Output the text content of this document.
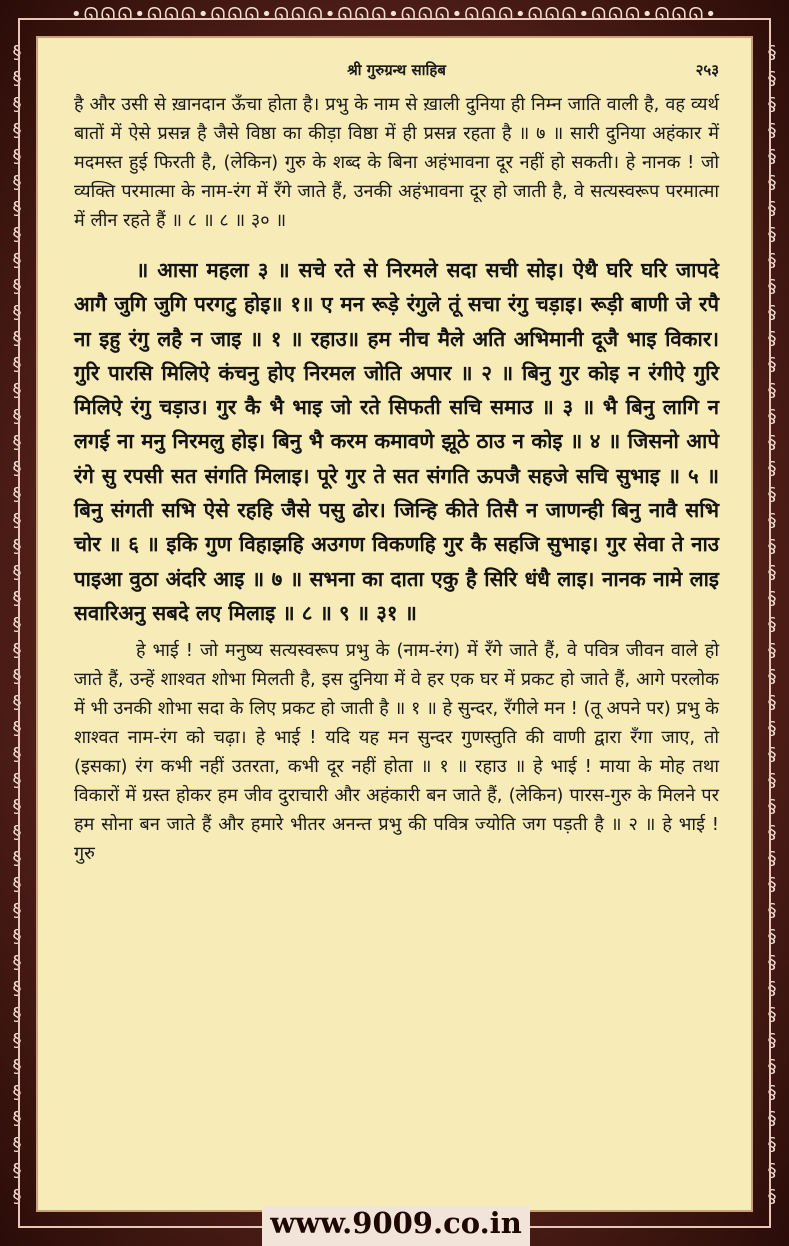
•ᘏᘏᘏ•ᘏᘏᘏ•ᘏᘏᘏ•ᘏᘏᘏ•ᘏᘏᘏ•ᘏᘏᘏ•ᘏᘏᘏ•ᘏᘏᘏ•ᘏᘏᘏ•ᘏᘏᘏ•
§
§
§
§
§
§
§
§
§
§
§
§
§
§
§
§
§
§
§
§
§
§
§
§
§
§
§
§
§
§
§
§
§
§
§
§
§
§
§
§
§
§
§
§
§
§
§
§
§
§
§
§
§
§
§
§
§
§
§
§
§
§
§
§
§
§
§
§
§
§
§
§
§
§
§
§
§
§
§
§
§
§
§
§
§
§
§
§
§
§
श्री गुरुग्रन्थ साहिब	२५३
है और उसी से ख़ानदान ऊँचा होता है। प्रभु के नाम से ख़ाली दुनिया ही निम्न जाति वाली है, वह व्यर्थ बातों में ऐसे प्रसन्न है जैसे विष्ठा का कीड़ा विष्ठा में ही प्रसन्न रहता है ॥ ७ ॥ सारी दुनिया अहंकार में मदमस्त हुई फिरती है, (लेकिन) गुरु के शब्द के बिना अहंभावना दूर नहीं हो सकती। हे नानक ! जो व्यक्ति परमात्मा के नाम-रंग में रँगे जाते हैं, उनकी अहंभावना दूर हो जाती है, वे सत्यस्वरूप परमात्मा में लीन रहते हैं ॥ ८ ॥ ८ ॥ ३० ॥
॥ आसा महला ३ ॥ सचे रते से निरमले सदा सची सोइ। ऐथै घरि घरि जापदे आगै जुगि जुगि परगटु होइ॥ १॥ ए मन रूड़े रंगुले तूं सचा रंगु चड़ाइ। रूड़ी बाणी जे रपै ना इहु रंगु लहै न जाइ ॥ १ ॥ रहाउ॥ हम नीच मैले अति अभिमानी दूजै भाइ विकार। गुरि पारसि मिलिऐ कंचनु होए निरमल जोति अपार ॥ २ ॥ बिनु गुर कोइ न रंगीऐ गुरि मिलिऐ रंगु चड़ाउ। गुर कै भै भाइ जो रते सिफती सचि समाउ ॥ ३ ॥ भै बिनु लागि न लगई ना मनु निरमलु होइ। बिनु भै करम कमावणे झूठे ठाउ न कोइ ॥ ४ ॥ जिसनो आपे रंगे सु रपसी सत संगति मिलाइ। पूरे गुर ते सत संगति ऊपजै सहजे सचि सुभाइ ॥ ५ ॥ बिनु संगती सभि ऐसे रहहि जैसे पसु ढोर। जिन्हि कीते तिसै न जाणन्ही बिनु नावै सभि चोर ॥ ६ ॥ इकि गुण विहाझहि अउगण विकणहि गुर कै सहजि सुभाइ। गुर सेवा ते नाउ पाइआ वुठा अंदरि आइ ॥ ७ ॥ सभना का दाता एकु है सिरि धंधै लाइ। नानक नामे लाइ सवारिअनु सबदे लए मिलाइ ॥ ८ ॥ ९ ॥ ३१ ॥
हे भाई ! जो मनुष्य सत्यस्वरूप प्रभु के (नाम-रंग) में रँगे जाते हैं, वे पवित्र जीवन वाले हो जाते हैं, उन्हें शाश्वत शोभा मिलती है, इस दुनिया में वे हर एक घर में प्रकट हो जाते हैं, आगे परलोक में भी उनकी शोभा सदा के लिए प्रकट हो जाती है ॥ १ ॥ हे सुन्दर, रँगीले मन ! (तू अपने पर) प्रभु के शाश्वत नाम-रंग को चढ़ा। हे भाई ! यदि यह मन सुन्दर गुणस्तुति की वाणी द्वारा रँगा जाए, तो (इसका) रंग कभी नहीं उतरता, कभी दूर नहीं होता ॥ १ ॥ रहाउ ॥ हे भाई ! माया के मोह तथा विकारों में ग्रस्त होकर हम जीव दुराचारी और अहंकारी बन जाते हैं, (लेकिन) पारस-गुरु के मिलने पर हम सोना बन जाते हैं और हमारे भीतर अनन्त प्रभु की पवित्र ज्योति जग पड़ती है ॥ २ ॥ हे भाई ! गुरु
www.9009.co.in
